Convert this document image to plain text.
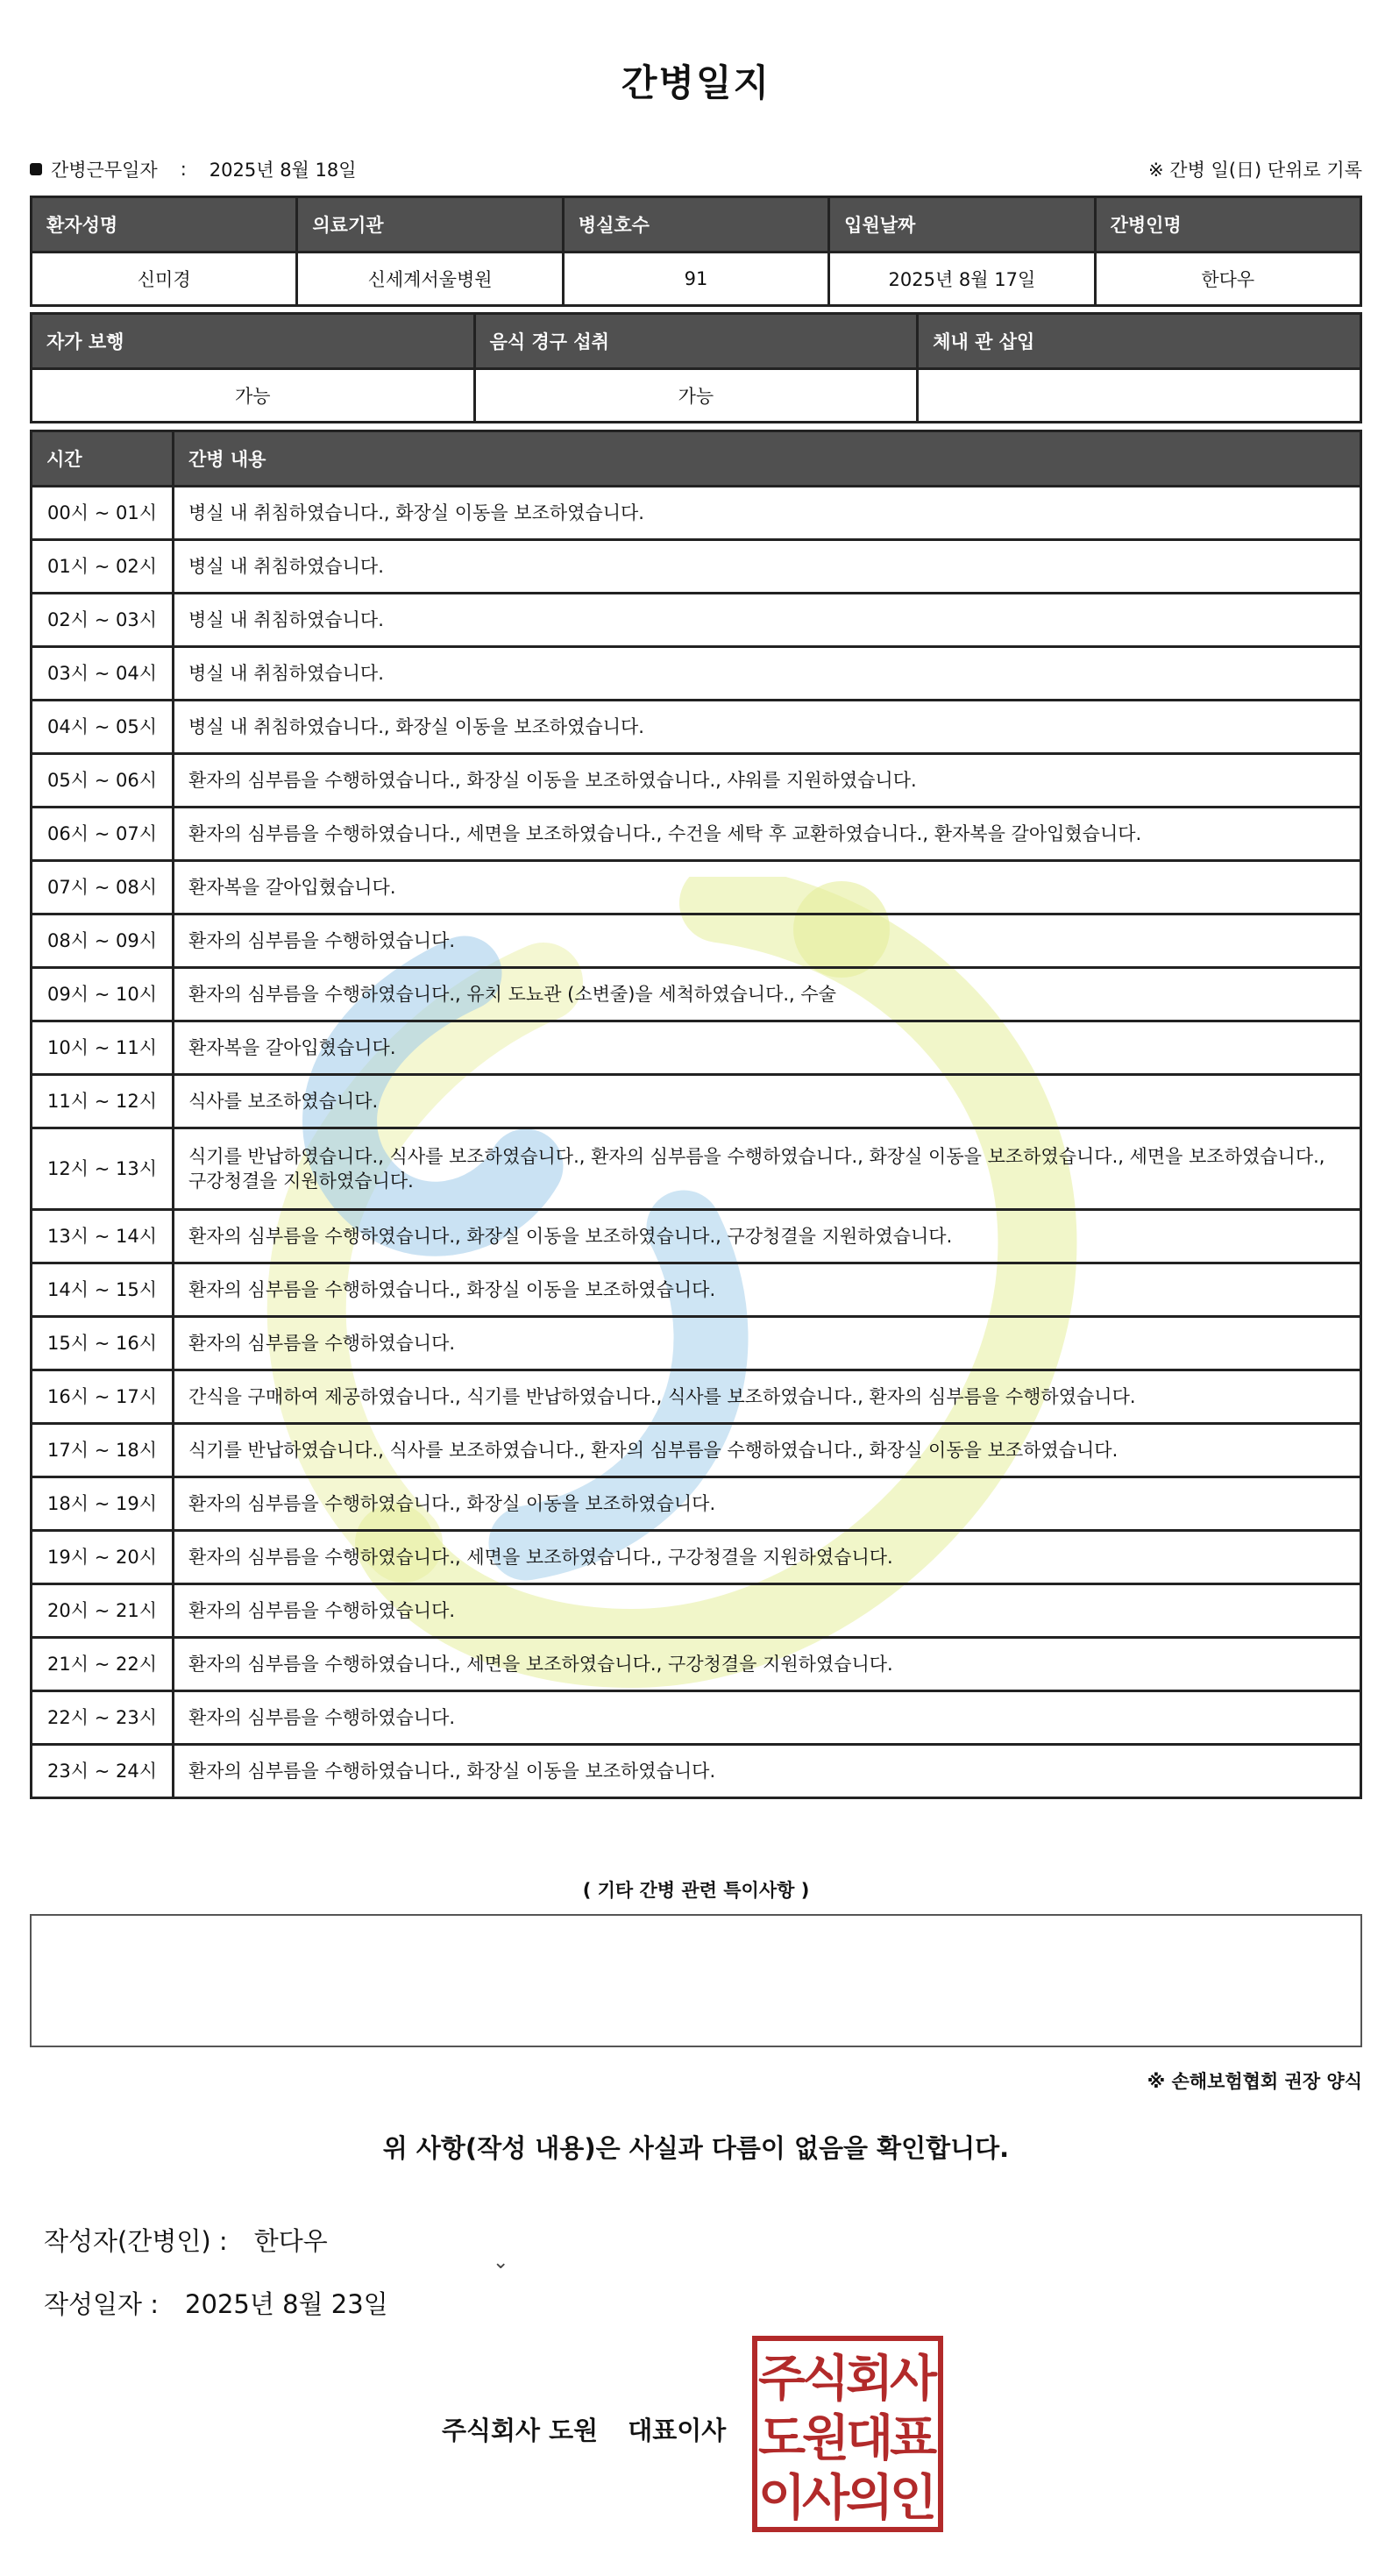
간병일지
간병근무일자 : 2025년 8월 18일	※ 간병 일(日) 단위로 기록
환자성명	의료기관	병실호수	입원날짜	간병인명
신미경	신세계서울병원	91	2025년 8월 17일	한다우
자가 보행	음식 경구 섭취	체내 관 삽입
가능	가능	
시간	간병 내용
00시 ~ 01시	병실 내 취침하였습니다., 화장실 이동을 보조하였습니다.
01시 ~ 02시	병실 내 취침하였습니다.
02시 ~ 03시	병실 내 취침하였습니다.
03시 ~ 04시	병실 내 취침하였습니다.
04시 ~ 05시	병실 내 취침하였습니다., 화장실 이동을 보조하였습니다.
05시 ~ 06시	환자의 심부름을 수행하였습니다., 화장실 이동을 보조하였습니다., 샤워를 지원하였습니다.
06시 ~ 07시	환자의 심부름을 수행하였습니다., 세면을 보조하였습니다., 수건을 세탁 후 교환하였습니다., 환자복을 갈아입혔습니다.
07시 ~ 08시	환자복을 갈아입혔습니다.
08시 ~ 09시	환자의 심부름을 수행하였습니다.
09시 ~ 10시	환자의 심부름을 수행하였습니다., 유치 도뇨관 (소변줄)을 세척하였습니다., 수술
10시 ~ 11시	환자복을 갈아입혔습니다.
11시 ~ 12시	식사를 보조하였습니다.
12시 ~ 13시	식기를 반납하였습니다., 식사를 보조하였습니다., 환자의 심부름을 수행하였습니다., 화장실 이동을 보조하였습니다., 세면을 보조하였습니다., 구강청결을 지원하였습니다.
13시 ~ 14시	환자의 심부름을 수행하였습니다., 화장실 이동을 보조하였습니다., 구강청결을 지원하였습니다.
14시 ~ 15시	환자의 심부름을 수행하였습니다., 화장실 이동을 보조하였습니다.
15시 ~ 16시	환자의 심부름을 수행하였습니다.
16시 ~ 17시	간식을 구매하여 제공하였습니다., 식기를 반납하였습니다., 식사를 보조하였습니다., 환자의 심부름을 수행하였습니다.
17시 ~ 18시	식기를 반납하였습니다., 식사를 보조하였습니다., 환자의 심부름을 수행하였습니다., 화장실 이동을 보조하였습니다.
18시 ~ 19시	환자의 심부름을 수행하였습니다., 화장실 이동을 보조하였습니다.
19시 ~ 20시	환자의 심부름을 수행하였습니다., 세면을 보조하였습니다., 구강청결을 지원하였습니다.
20시 ~ 21시	환자의 심부름을 수행하였습니다.
21시 ~ 22시	환자의 심부름을 수행하였습니다., 세면을 보조하였습니다., 구강청결을 지원하였습니다.
22시 ~ 23시	환자의 심부름을 수행하였습니다.
23시 ~ 24시	환자의 심부름을 수행하였습니다., 화장실 이동을 보조하였습니다.
( 기타 간병 관련 특이사항 )
※ 손해보험협회 권장 양식
위 사항(작성 내용)은 사실과 다름이 없음을 확인합니다.
작성자(간병인) : 한다우
⌄
작성일자 : 2025년 8월 23일
주식회사 도원 대표이사
주
식
회
사
도
원
대
표
이
사
의
인
